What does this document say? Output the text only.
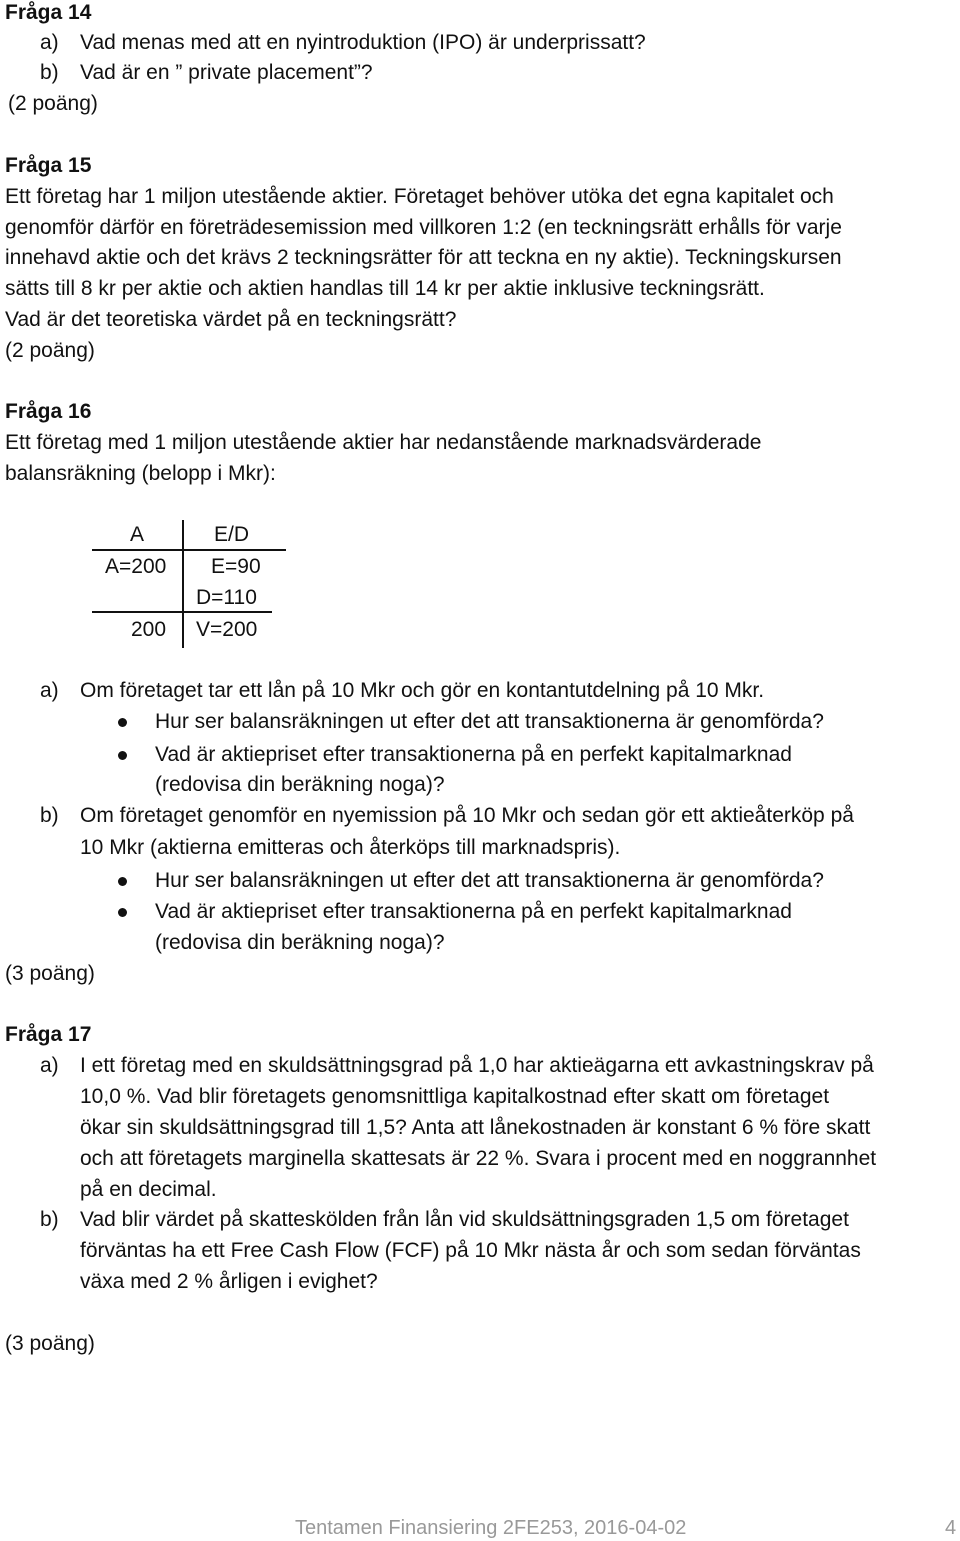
Fråga 14
a) Vad menas med att en nyintroduktion (IPO) är underprissatt?
b) Vad är en ” private placement”?
(2 poäng)
Fråga 15
Ett företag har 1 miljon utestående aktier. Företaget behöver utöka det egna kapitalet och
genomför därför en företrädesemission med villkoren 1:2 (en teckningsrätt erhålls för varje
innehavd aktie och det krävs 2 teckningsrätter för att teckna en ny aktie). Teckningskursen
sätts till 8 kr per aktie och aktien handlas till 14 kr per aktie inklusive teckningsrätt.
Vad är det teoretiska värdet på en teckningsrätt?
(2 poäng)
Fråga 16
Ett företag med 1 miljon utestående aktier har nedanstående marknadsvärderade
balansräkning (belopp i Mkr):
A	E/D
A=200 E=90
D=110
200 V=200
a) Om företaget tar ett lån på 10 Mkr och gör en kontantutdelning på 10 Mkr.
Hur ser balansräkningen ut efter det att transaktionerna är genomförda?
Vad är aktiepriset efter transaktionerna på en perfekt kapitalmarknad
(redovisa din beräkning noga)?
b) Om företaget genomför en nyemission på 10 Mkr och sedan gör ett aktieåterköp på
10 Mkr (aktierna emitteras och återköps till marknadspris).
Hur ser balansräkningen ut efter det att transaktionerna är genomförda?
Vad är aktiepriset efter transaktionerna på en perfekt kapitalmarknad
(redovisa din beräkning noga)?
(3 poäng)
Fråga 17
a) I ett företag med en skuldsättningsgrad på 1,0 har aktieägarna ett avkastningskrav på
10,0 %. Vad blir företagets genomsnittliga kapitalkostnad efter skatt om företaget
ökar sin skuldsättningsgrad till 1,5? Anta att lånekostnaden är konstant 6 % före skatt
och att företagets marginella skattesats är 22 %. Svara i procent med en noggrannhet
på en decimal.
b) Vad blir värdet på skatteskölden från lån vid skuldsättningsgraden 1,5 om företaget
förväntas ha ett Free Cash Flow (FCF) på 10 Mkr nästa år och som sedan förväntas
växa med 2 % årligen i evighet?
(3 poäng)
Tentamen Finansiering 2FE253, 2016-04-02	4
